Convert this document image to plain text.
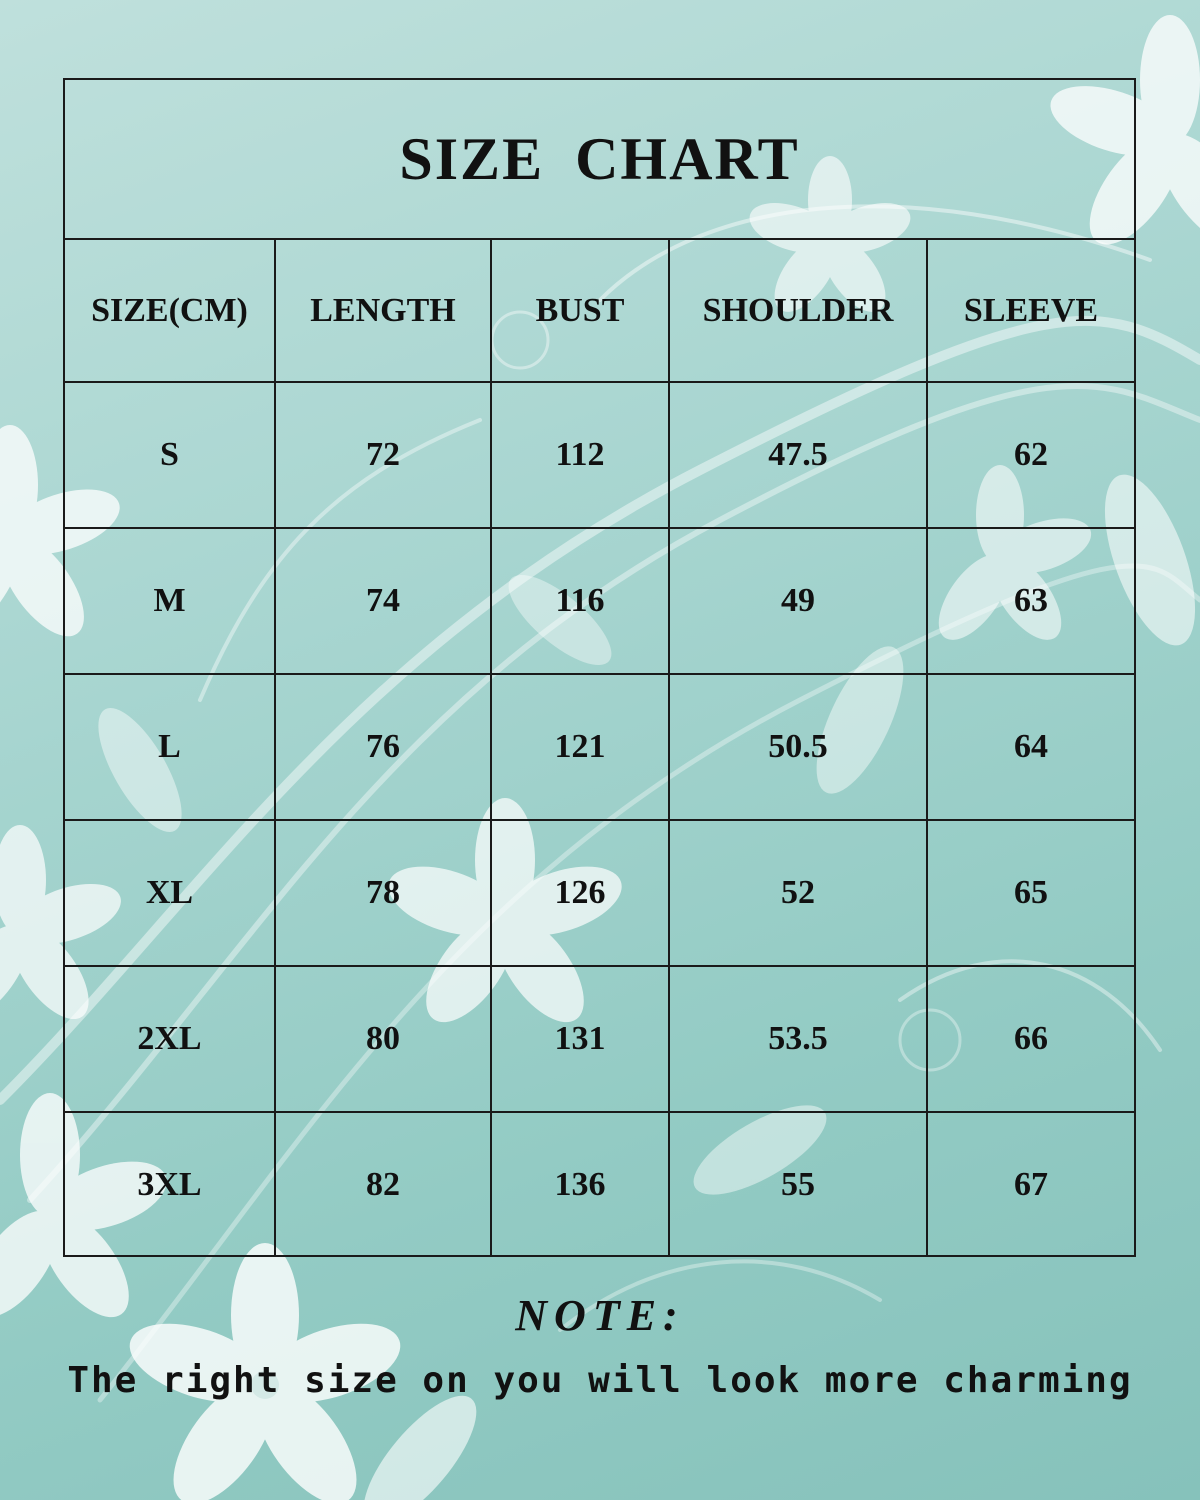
SIZE CHART
SIZE(CM)	LENGTH	BUST	SHOULDER	SLEEVE
S	72	112	47.5	62
M	74	116	49	63
L	76	121	50.5	64
XL	78	126	52	65
2XL	80	131	53.5	66
3XL	82	136	55	67
NOTE:
The right size on you will look more charming
